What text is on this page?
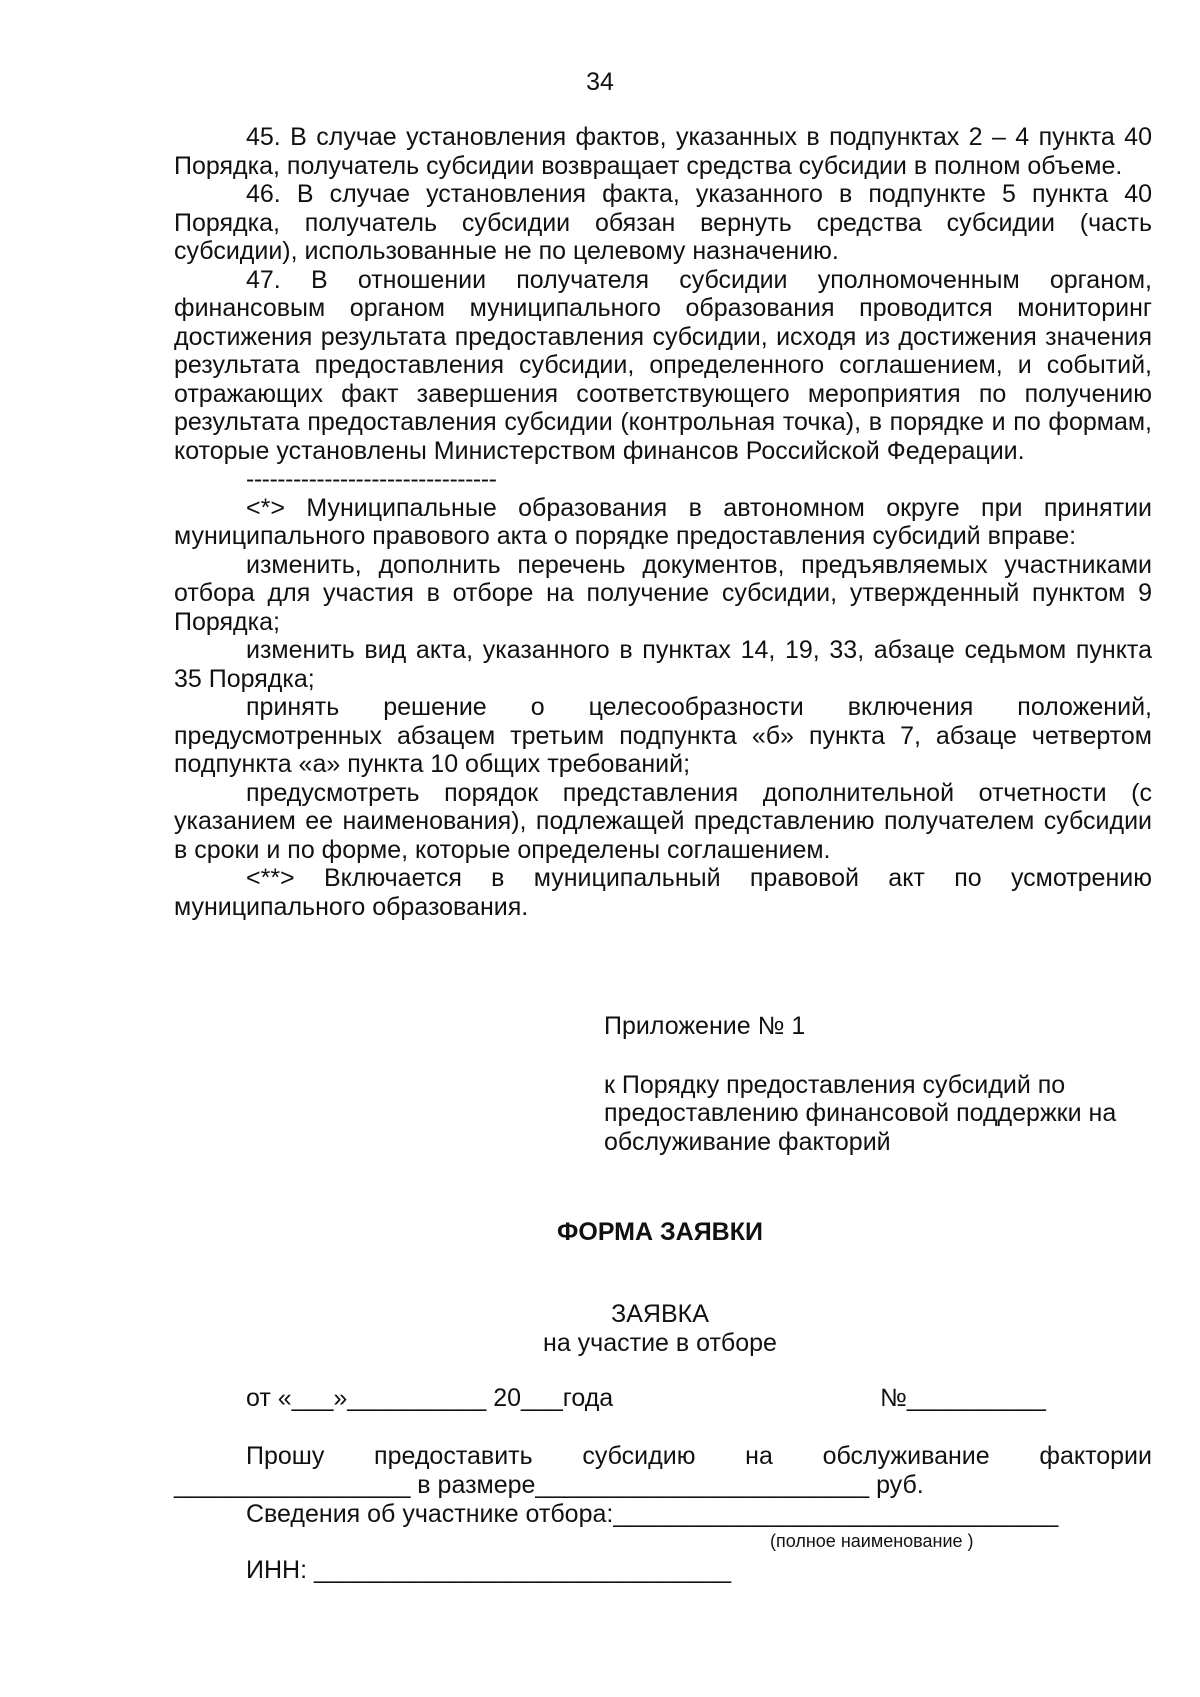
34

45. В случае установления фактов, указанных в подпунктах 2 – 4 пункта 40 Порядка, получатель субсидии возвращает средства субсидии в полном объеме.

46. В случае установления факта, указанного в подпункте 5 пункта 40 Порядка, получатель субсидии обязан вернуть средства субсидии (часть субсидии), использованные не по целевому назначению.

47. В отношении получателя субсидии уполномоченным органом, финансовым органом муниципального образования проводится мониторинг достижения результата предоставления субсидии, исходя из достижения значения результата предоставления субсидии, определенного соглашением, и событий, отражающих факт завершения соответствующего мероприятия по получению результата предоставления субсидии (контрольная точка), в порядке и по формам, которые установлены Министерством финансов Российской Федерации.

--------------------------------

<*> Муниципальные образования в автономном округе при принятии муниципального правового акта о порядке предоставления субсидий вправе:

изменить, дополнить перечень документов, предъявляемых участниками отбора для участия в отборе на получение субсидии, утвержденный пунктом 9 Порядка;

изменить вид акта, указанного в пунктах 14, 19, 33, абзаце седьмом пункта 35 Порядка;

принять решение о целесообразности включения положений, предусмотренных абзацем третьим подпункта «б» пункта 7, абзаце четвертом подпункта «а» пункта 10 общих требований;

предусмотреть порядок представления дополнительной отчетности (с указанием ее наименования), подлежащей представлению получателем субсидии в сроки и по форме, которые определены соглашением.

<**> Включается в муниципальный правовой акт по усмотрению муниципального образования.

Приложение № 1

к Порядку предоставления субсидий по

предоставлению финансовой поддержки на

обслуживание факторий

ФОРМА ЗАЯВКИ

ЗАЯВКА

на участие в отборе

от «___»__________ 20___года	№__________

Прошу предоставить субсидию на обслуживание фактории

_________________ в размере________________________ руб.

Сведения об участнике отбора:________________________________
(полное наименование )
ИНН: ______________________________
